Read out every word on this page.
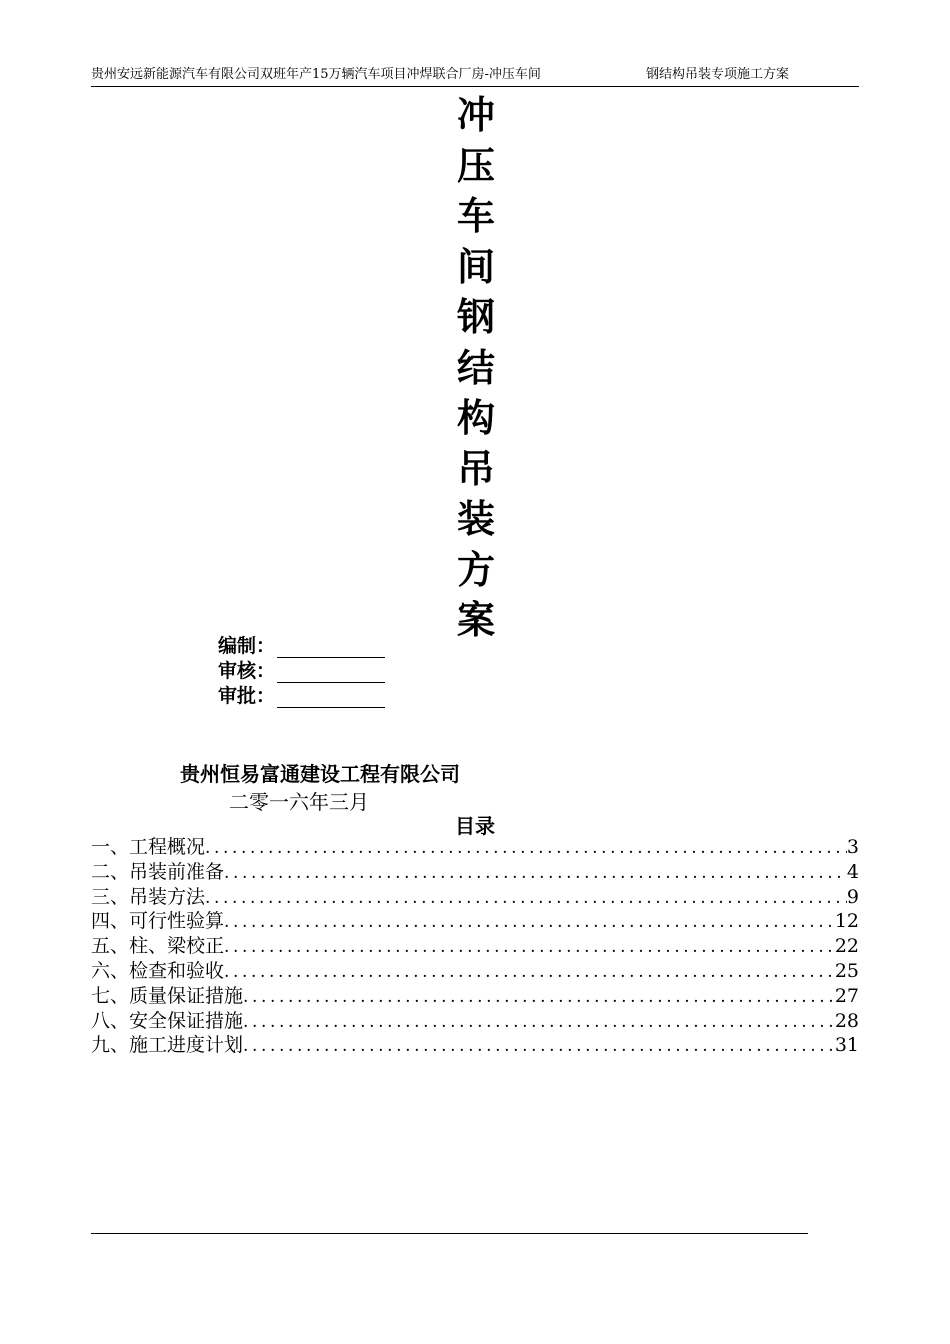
贵州安远新能源汽车有限公司双班年产15万辆汽车项目冲焊联合厂房-冲压车间	钢结构吊装专项施工方案
冲
压
车
间
钢
结
构
吊
装
方
案
编制：
审核：
审批：
贵州恒易富通建设工程有限公司
二零一六年三月
目录
一、工程概况 .....	3
二、吊装前准备 .....	4
三、吊装方法 .....	9
四、可行性验算 .....	12
五、柱、梁校正 .....	22
六、检查和验收 .....	25
七、质量保证措施 .....	27
八、安全保证措施 .....	28
九、施工进度计划 .....	31
